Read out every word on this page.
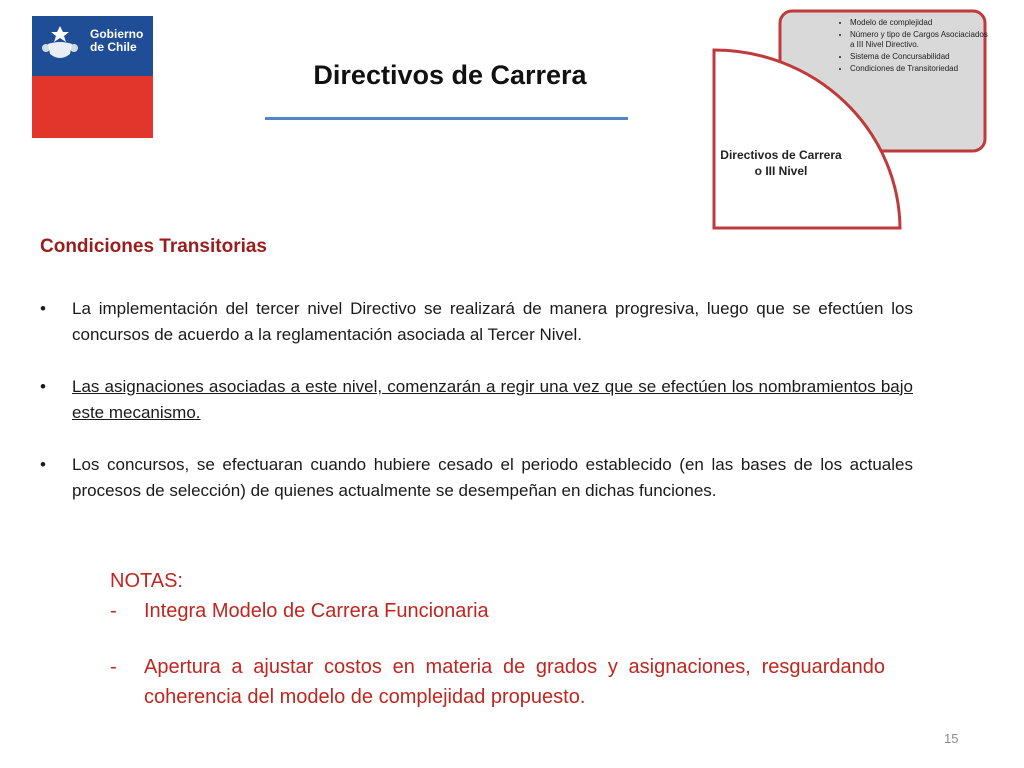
Gobierno
de Chile
Directivos de Carrera
• Modelo de complejidad
• Número y tipo de Cargos Asociaciados a III Nivel Directivo.
• Sistema de Concursabilidad
• Condiciones de Transitoriedad
Directivos de Carrera o III Nivel
Condiciones Transitorias
• La implementación del tercer nivel Directivo se realizará de manera progresiva, luego que se efectúen los concursos de acuerdo a la reglamentación asociada al Tercer Nivel.
• Las asignaciones asociadas a este nivel, comenzarán a regir una vez que se efectúen los nombramientos bajo este mecanismo.
• Los concursos, se efectuaran cuando hubiere cesado el periodo establecido (en las bases de los actuales procesos de selección) de quienes actualmente se desempeñan en dichas funciones.
NOTAS:
- Integra Modelo de Carrera Funcionaria
- Apertura a ajustar costos en materia de grados y asignaciones, resguardando coherencia del modelo de complejidad propuesto.
15
